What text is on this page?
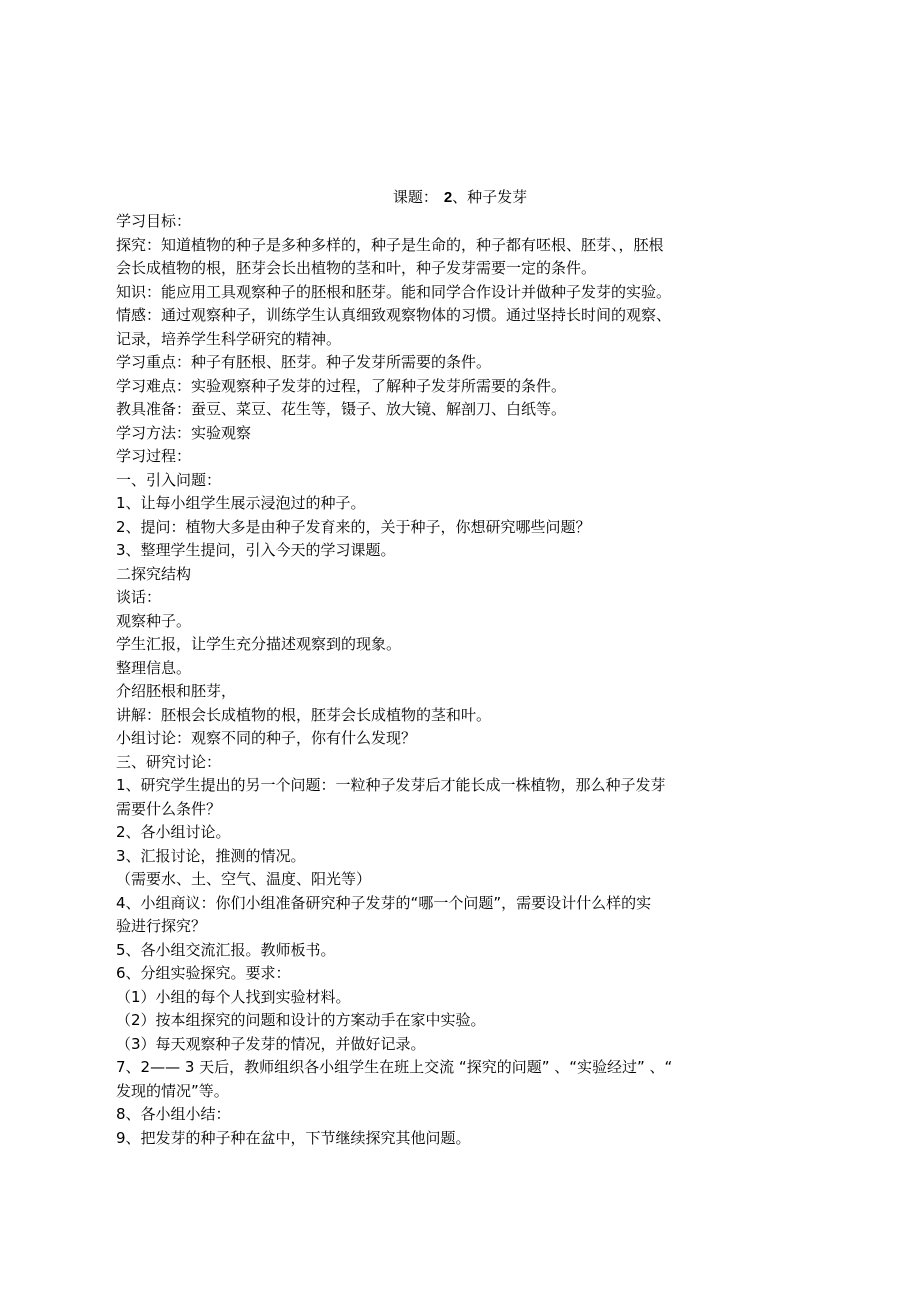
课题： 2、种子发芽

学习目标：

探究：知道植物的种子是多种多样的，种子是生命的，种子都有呸根、胚芽、，胚根

会长成植物的根，胚芽会长出植物的茎和叶，种子发芽需要一定的条件。

知识：能应用工具观察种子的胚根和胚芽。能和同学合作设计并做种子发芽的实验。

情感：通过观察种子，训练学生认真细致观察物体的习惯。通过坚持长时间的观察、

记录，培养学生科学研究的精神。

学习重点：种子有胚根、胚芽。种子发芽所需要的条件。

学习难点：实验观察种子发芽的过程，了解种子发芽所需要的条件。

教具准备：蚕豆、菜豆、花生等，镊子、放大镜、解剖刀、白纸等。

学习方法：实验观察

学习过程：

一、引入问题：

1、让每小组学生展示浸泡过的种子。

2、提问：植物大多是由种子发育来的，关于种子，你想研究哪些问题？

3、整理学生提问，引入今天的学习课题。

二探究结构

谈话：

观察种子。

学生汇报，让学生充分描述观察到的现象。

整理信息。

介绍胚根和胚芽，

讲解：胚根会长成植物的根，胚芽会长成植物的茎和叶。

小组讨论：观察不同的种子，你有什么发现？

三、研究讨论：

1、研究学生提出的另一个问题：一粒种子发芽后才能长成一株植物，那么种子发芽

需要什么条件？

2、各小组讨论。

3、汇报讨论，推测的情况。

（需要水、土、空气、温度、阳光等）

4、小组商议：你们小组准备研究种子发芽的“哪一个问题”，需要设计什么样的实

验进行探究？

5、各小组交流汇报。教师板书。

6、分组实验探究。要求：

（1）小组的每个人找到实验材料。

（2）按本组探究的问题和设计的方案动手在家中实验。

（3）每天观察种子发芽的情况，并做好记录。

7、2—— 3 天后，教师组织各小组学生在班上交流 “探究的问题” 、“实验经过” 、“

发现的情况”等。

8、各小组小结：

9、把发芽的种子种在盆中，下节继续探究其他问题。
